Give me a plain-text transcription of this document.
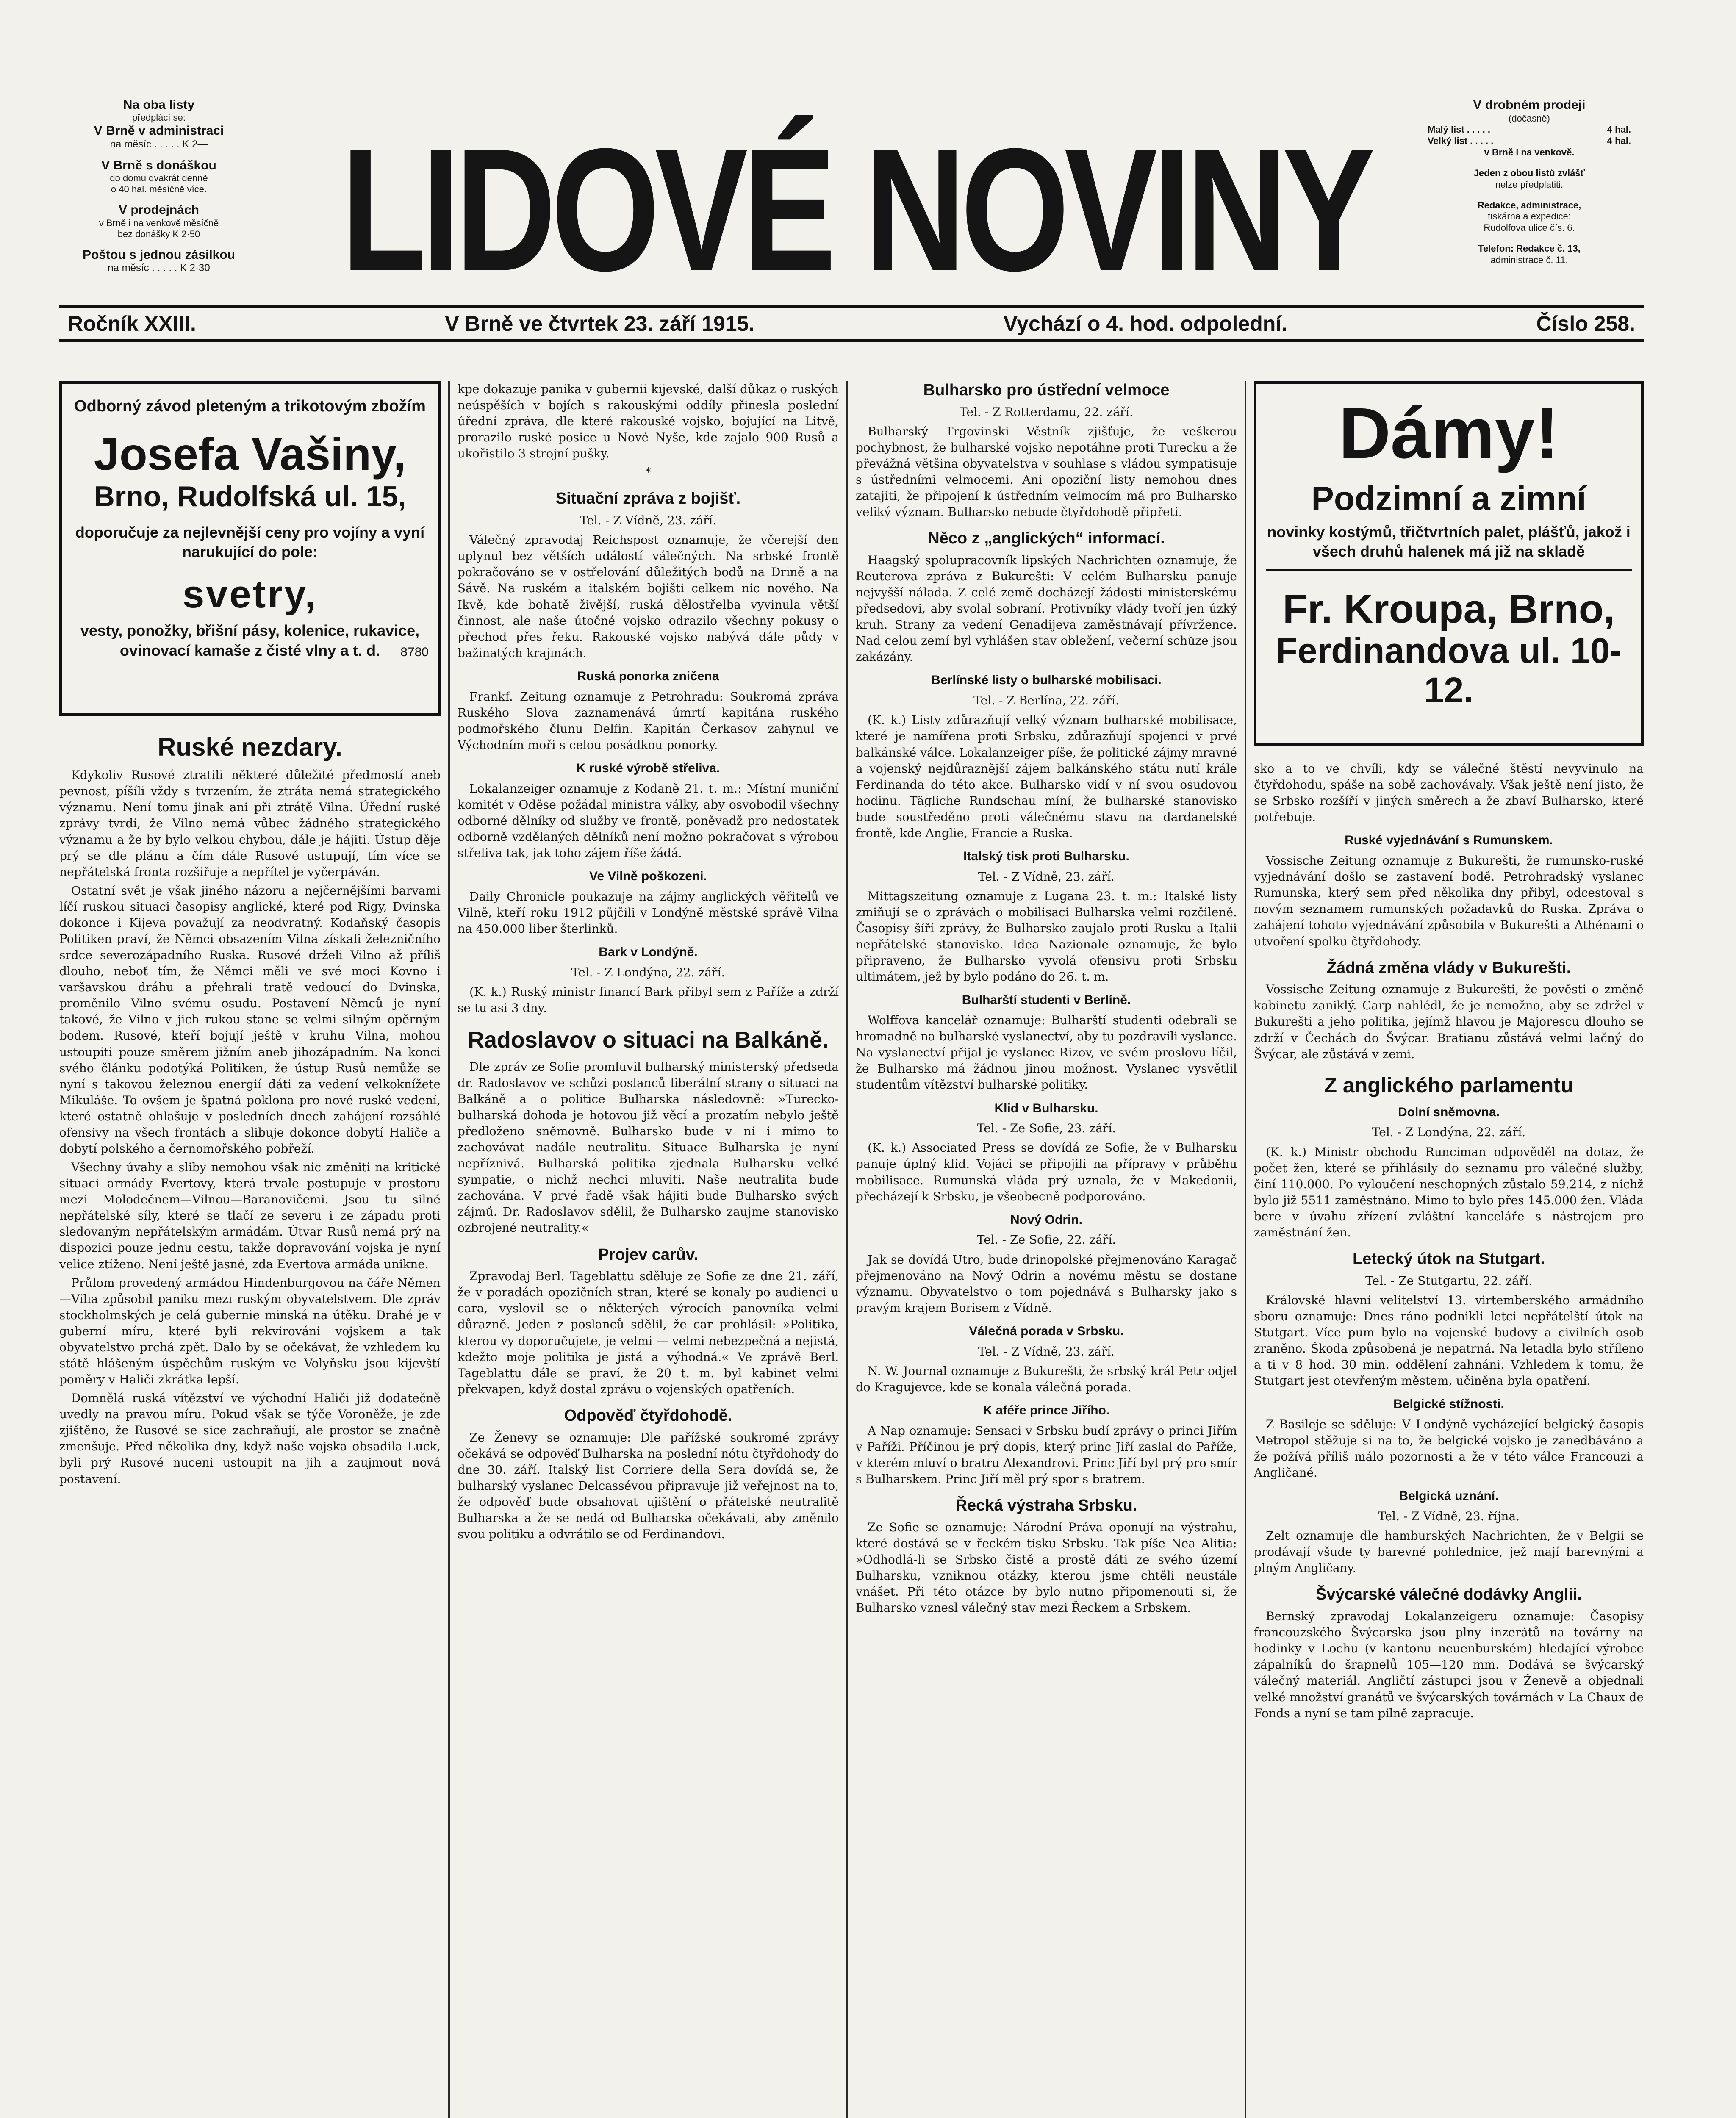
Na oba listy
předplácí se:
V Brně v administraci
na měsíc . . . . . K 2—
V Brně s donáškou
do domu dvakrát denně
o 40 hal. měsíčně více.
V prodejnách
v Brně i na venkově měsíčně
bez donášky K 2·50
Poštou s jednou zásilkou
na měsíc . . . . . K 2·30 LIDOVÉ NOVINY
V drobném prodeji
(dočasně)
Malý list . . . . .	4 hal.
Velký list . . . . .	4 hal.
v Brně i na venkově.
Jeden z obou listů zvlášť
nelze předplatiti.
Redakce, administrace,
tiskárna a expedice:
Rudolfova ulice čís. 6.
Telefon: Redakce č. 13,
administrace č. 11.
Ročník XXIII.	V Brně ve čtvrtek 23. září 1915.	Vychází o 4. hod. odpolední.	Číslo 258.
Odborný závod pleteným a trikotovým zbožím
Josefa Vašiny,
Brno, Rudolfská ul. 15,
doporučuje za nejlevnější ceny pro vojíny a vyní narukující do pole:
svetry,
vesty, ponožky, břišní pásy, kolenice, rukavice, ovinovací kamaše z čisté vlny a t. d.	8780
Ruské nezdary.

Kdykoliv Rusové ztratili některé důležité předmostí aneb pevnost, píšíli vždy s tvrzením, že ztráta nemá strategického významu. Není tomu jinak ani při ztrátě Vilna. Úřední ruské zprávy tvrdí, že Vilno nemá vůbec žádného strategického významu a že by bylo velkou chybou, dále je hájiti. Ústup děje prý se dle plánu a čím dále Rusové ustupují, tím více se nepřátelská fronta rozšiřuje a nepřítel je vyčerpáván.

Ostatní svět je však jiného názoru a nejčernějšími barvami líčí ruskou situaci časopisy anglické, které pod Rigy, Dvinska dokonce i Kijeva považují za neodvratný. Kodaňský časopis Politiken praví, že Němci obsazením Vilna získali železničního srdce severozápadního Ruska. Rusové drželi Vilno až příliš dlouho, neboť tím, že Němci měli ve své moci Kovno i varšavskou dráhu a přehrali tratě vedoucí do Dvinska, proměnilo Vilno svému osudu. Postavení Němců je nyní takové, že Vilno v jich rukou stane se velmi silným opěrným bodem. Rusové, kteří bojují ještě v kruhu Vilna, mohou ustoupiti pouze směrem jižním aneb jihozápadním. Na konci svého článku podotýká Politiken, že ústup Rusů nemůže se nyní s takovou železnou energií dáti za vedení velkoknížete Mikuláše. To ovšem je špatná poklona pro nové ruské vedení, které ostatně ohlašuje v posledních dnech zahájení rozsáhlé ofensivy na všech frontách a slibuje dokonce dobytí Haliče a dobytí polského a černomořského pobřeží.

Všechny úvahy a sliby nemohou však nic změniti na kritické situaci armády Evertovy, která trvale postupuje v prostoru mezi Molodečnem—Vilnou—Baranovičemi. Jsou tu silné nepřátelské síly, které se tlačí ze severu i ze západu proti sledovaným nepřátelským armádám. Útvar Rusů nemá prý na dispozici pouze jednu cestu, takže dopravování vojska je nyní velice ztíženo. Není ještě jasné, zda Evertova armáda unikne.

Průlom provedený armádou Hindenburgovou na čáře Němen—Vilia způsobil paniku mezi ruským obyvatelstvem. Dle zpráv stockholmských je celá gubernie minská na útěku. Drahé je v guberní míru, které byli rekvirováni vojskem a tak obyvatelstvo prchá zpět. Dalo by se očekávat, že vzhledem ku státě hlášeným úspěchům ruským ve Volyňsku jsou kijevští poměry v Haliči zkrátka lepší.

Domnělá ruská vítězství ve východní Haliči již dodatečně uvedly na pravou míru. Pokud však se týče Voroněže, je zde zjištěno, že Rusové se sice zachraňují, ale prostor se značně zmenšuje. Před několika dny, když naše vojska obsadila Luck, byli prý Rusové nuceni ustoupit na jih a zaujmout nová postavení.

kpe dokazuje panika v gubernii kijevské, další důkaz o ruských neúspěších v bojích s rakouskými oddíly přinesla poslední úřední zpráva, dle které rakouské vojsko, bojující na Litvě, prorazilo ruské posice u Nové Nyše, kde zajalo 900 Rusů a ukořistilo 3 strojní pušky.

*
Situační zpráva z bojišť.
Tel. - Z Vídně, 23. září.

Válečný zpravodaj Reichspost oznamuje, že včerejší den uplynul bez větších událostí válečných. Na srbské frontě pokračováno se v ostřelování důležitých bodů na Drině a na Sávě. Na ruském a italském bojišti celkem nic nového. Na Ikvě, kde bohatě živější, ruská dělostřelba vyvinula větší činnost, ale naše útočné vojsko odrazilo všechny pokusy o přechod přes řeku. Rakouské vojsko nabývá dále půdy v bažinatých krajinách.

Ruská ponorka zničena

Frankf. Zeitung oznamuje z Petrohradu: Soukromá zpráva Ruského Slova zaznamenává úmrtí kapitána ruského podmořského člunu Delfin. Kapitán Čerkasov zahynul ve Východním moři s celou posádkou ponorky.

K ruské výrobě střeliva.

Lokalanzeiger oznamuje z Kodaně 21. t. m.: Místní muniční komitét v Oděse požádal ministra války, aby osvobodil všechny odborné dělníky od služby ve frontě, poněvadž pro nedostatek odborně vzdělaných dělníků není možno pokračovat s výrobou střeliva tak, jak toho zájem říše žádá.

Ve Vilně poškozeni.

Daily Chronicle poukazuje na zájmy anglických věřitelů ve Vilně, kteří roku 1912 půjčili v Londýně městské správě Vilna na 450.000 liber šterlinků.

Bark v Londýně.
Tel. - Z Londýna, 22. září.

(K. k.) Ruský ministr financí Bark přibyl sem z Paříže a zdrží se tu asi 3 dny.

Radoslavov o situaci na Balkáně.

Dle zpráv ze Sofie promluvil bulharský ministerský předseda dr. Radoslavov ve schůzi poslanců liberální strany o situaci na Balkáně a o politice Bulharska následovně: »Turecko-bulharská dohoda je hotovou již věcí a prozatím nebylo ještě předloženo sněmovně. Bulharsko bude v ní i mimo to zachovávat nadále neutralitu. Situace Bulharska je nyní nepříznivá. Bulharská politika zjednala Bulharsku velké sympatie, o nichž nechci mluviti. Naše neutralita bude zachována. V prvé řadě však hájiti bude Bulharsko svých zájmů. Dr. Radoslavov sdělil, že Bulharsko zaujme stanovisko ozbrojené neutrality.«

Projev carův.

Zpravodaj Berl. Tageblattu sděluje ze Sofie ze dne 21. září, že v poradách opozičních stran, které se konaly po audienci u cara, vyslovil se o některých výrocích panovníka velmi důrazně. Jeden z poslanců sdělil, že car prohlásil: »Politika, kterou vy doporučujete, je velmi — velmi nebezpečná a nejistá, kdežto moje politika je jistá a výhodná.« Ve zprávě Berl. Tageblattu dále se praví, že 20 t. m. byl kabinet velmi překvapen, když dostal zprávu o vojenských opatřeních.

Odpověď čtyřdohodě.

Ze Ženevy se oznamuje: Dle pařížské soukromé zprávy očekává se odpověď Bulharska na poslední nótu čtyřdohody do dne 30. září. Italský list Corriere della Sera dovídá se, že bulharský vyslanec Delcassévou připravuje již veřejnost na to, že odpověď bude obsahovat ujištění o přátelské neutralitě Bulharska a že se nedá od Bulharska očekávati, aby změnilo svou politiku a odvrátilo se od Ferdinandovi.

Bulharsko pro ústřední velmoce
Tel. - Z Rotterdamu, 22. září.

Bulharský Trgovinski Věstník zjišťuje, že veškerou pochybnost, že bulharské vojsko nepotáhne proti Turecku a že převážná většina obyvatelstva v souhlase s vládou sympatisuje s ústředními velmocemi. Ani opoziční listy nemohou dnes zatajiti, že připojení k ústředním velmocím má pro Bulharsko veliký význam. Bulharsko nebude čtyřdohodě připřeti.

Něco z „anglických“ informací.

Haagský spolupracovník lipských Nachrichten oznamuje, že Reuterova zpráva z Bukurešti: V celém Bulharsku panuje nejvyšší nálada. Z celé země docházejí žádosti ministerskému předsedovi, aby svolal sobraní. Protivníky vlády tvoří jen úzký kruh. Strany za vedení Genadijeva zaměstnávají přívržence. Nad celou zemí byl vyhlášen stav obležení, večerní schůze jsou zakázány.

Berlínské listy o bulharské mobilisaci.
Tel. - Z Berlína, 22. září.

(K. k.) Listy zdůrazňují velký význam bulharské mobilisace, které je namířena proti Srbsku, zdůrazňují spojenci v prvé balkánské válce. Lokalanzeiger píše, že politické zájmy mravné a vojenský nejdůraznější zájem balkánského státu nutí krále Ferdinanda do této akce. Bulharsko vidí v ní svou osudovou hodinu. Tägliche Rundschau míní, že bulharské stanovisko bude soustředěno proti válečnému stavu na dardanelské frontě, kde Anglie, Francie a Ruska.

Italský tisk proti Bulharsku.
Tel. - Z Vídně, 23. září.

Mittagszeitung oznamuje z Lugana 23. t. m.: Italské listy zmiňují se o zprávách o mobilisaci Bulharska velmi rozčileně. Časopisy šíří zprávy, že Bulharsko zaujalo proti Rusku a Italii nepřátelské stanovisko. Idea Nazionale oznamuje, že bylo připraveno, že Bulharsko vyvolá ofensivu proti Srbsku ultimátem, jež by bylo podáno do 26. t. m.

Bulharští studenti v Berlíně.

Wolffova kancelář oznamuje: Bulharští studenti odebrali se hromadně na bulharské vyslanectví, aby tu pozdravili vyslance. Na vyslanectví přijal je vyslanec Rizov, ve svém proslovu líčil, že Bulharsko má žádnou jinou možnost. Vyslanec vysvětlil studentům vítězství bulharské politiky.

Klid v Bulharsku.
Tel. - Ze Sofie, 23. září.

(K. k.) Associated Press se dovídá ze Sofie, že v Bulharsku panuje úplný klid. Vojáci se připojili na přípravy v průběhu mobilisace. Rumunská vláda prý uznala, že v Makedonii, přecházejí k Srbsku, je všeobecně podporováno.

Nový Odrin.
Tel. - Ze Sofie, 22. září.

Jak se dovídá Utro, bude drinopolské přejmenováno Karagač přejmenováno na Nový Odrin a novému městu se dostane významu. Obyvatelstvo o tom pojednává s Bulharsky jako s pravým krajem Borisem z Vídně.

Válečná porada v Srbsku.
Tel. - Z Vídně, 23. září.

N. W. Journal oznamuje z Bukurešti, že srbský král Petr odjel do Kragujevce, kde se konala válečná porada.

K aféře prince Jiřího.

A Nap oznamuje: Sensaci v Srbsku budí zprávy o princi Jiřím v Paříži. Příčinou je prý dopis, který princ Jiří zaslal do Paříže, v kterém mluví o bratru Alexandrovi. Princ Jiří byl prý pro smír s Bulharskem. Princ Jiří měl prý spor s bratrem.

Řecká výstraha Srbsku.

Ze Sofie se oznamuje: Národní Práva oponují na výstrahu, které dostává se v řeckém tisku Srbsku. Tak píše Nea Alitia: »Odhodlá-li se Srbsko čistě a prostě dáti ze svého území Bulharsku, vzniknou otázky, kterou jsme chtěli neustále vnášet. Při této otázce by bylo nutno připomenouti si, že Bulharsko vznesl válečný stav mezi Řeckem a Srbskem.

Dámy!
Podzimní a zimní
novinky kostýmů, třičtvrtních palet, plášťů, jakož i všech druhů halenek má již na skladě
Fr. Kroupa, Brno,
Ferdinandova ul. 10-12.

sko a to ve chvíli, kdy se válečné štěstí nevyvinulo na čtyřdohodu, spáše na sobě zachovávaly. Však ještě není jisto, že se Srbsko rozšíří v jiných směrech a že zbaví Bulharsko, které potřebuje.

Ruské vyjednávání s Rumunskem.

Vossische Zeitung oznamuje z Bukurešti, že rumunsko-ruské vyjednávání došlo se zastavení bodě. Petrohradský vyslanec Rumunska, který sem před několika dny přibyl, odcestoval s novým seznamem rumunských požadavků do Ruska. Zpráva o zahájení tohoto vyjednávání způsobila v Bukurešti a Athénami o utvoření spolku čtyřdohody.

Žádná změna vlády v Bukurešti.

Vossische Zeitung oznamuje z Bukurešti, že pověsti o změně kabinetu zaniklý. Carp nahlédl, že je nemožno, aby se zdržel v Bukurešti a jeho politika, jejímž hlavou je Majorescu dlouho se zdrží v Čechách do Švýcar. Bratianu zůstává velmi lačný do Švýcar, ale zůstává v zemi.

Z anglického parlamentu
Dolní sněmovna.
Tel. - Z Londýna, 22. září.

(K. k.) Ministr obchodu Runciman odpověděl na dotaz, že počet žen, které se přihlásily do seznamu pro válečné služby, činí 110.000. Po vyloučení neschopných zůstalo 59.214, z nichž bylo již 5511 zaměstnáno. Mimo to bylo přes 145.000 žen. Vláda bere v úvahu zřízení zvláštní kanceláře s nástrojem pro zaměstnání žen.

Letecký útok na Stutgart.
Tel. - Ze Stutgartu, 22. září.

Královské hlavní velitelství 13. virtemberského armádního sboru oznamuje: Dnes ráno podnikli letci nepřátelští útok na Stutgart. Více pum bylo na vojenské budovy a civilních osob zraněno. Škoda způsobená je nepatrná. Na letadla bylo stříleno a ti v 8 hod. 30 min. oddělení zahnáni. Vzhledem k tomu, že Stutgart jest otevřeným městem, učiněna byla opatření.

Belgické stížnosti.

Z Basileje se sděluje: V Londýně vycházející belgický časopis Metropol stěžuje si na to, že belgické vojsko je zanedbáváno a že požívá příliš málo pozornosti a že v této válce Francouzi a Angličané.

Belgická uznání.
Tel. - Z Vídně, 23. října.

Zelt oznamuje dle hamburských Nachrichten, že v Belgii se prodávají všude ty barevné pohlednice, jež mají barevnými a plným Angličany.

Švýcarské válečné dodávky Anglii.

Bernský zpravodaj Lokalanzeigeru oznamuje: Časopisy francouzského Švýcarska jsou plny inzerátů na továrny na hodinky v Lochu (v kantonu neuenburském) hledající výrobce zápalníků do šrapnelů 105—120 mm. Dodává se švýcarský válečný materiál. Angličtí zástupci jsou v Ženevě a objednali velké množství granátů ve švýcarských továrnách v La Chaux de Fonds a nyní se tam pilně zapracuje.
